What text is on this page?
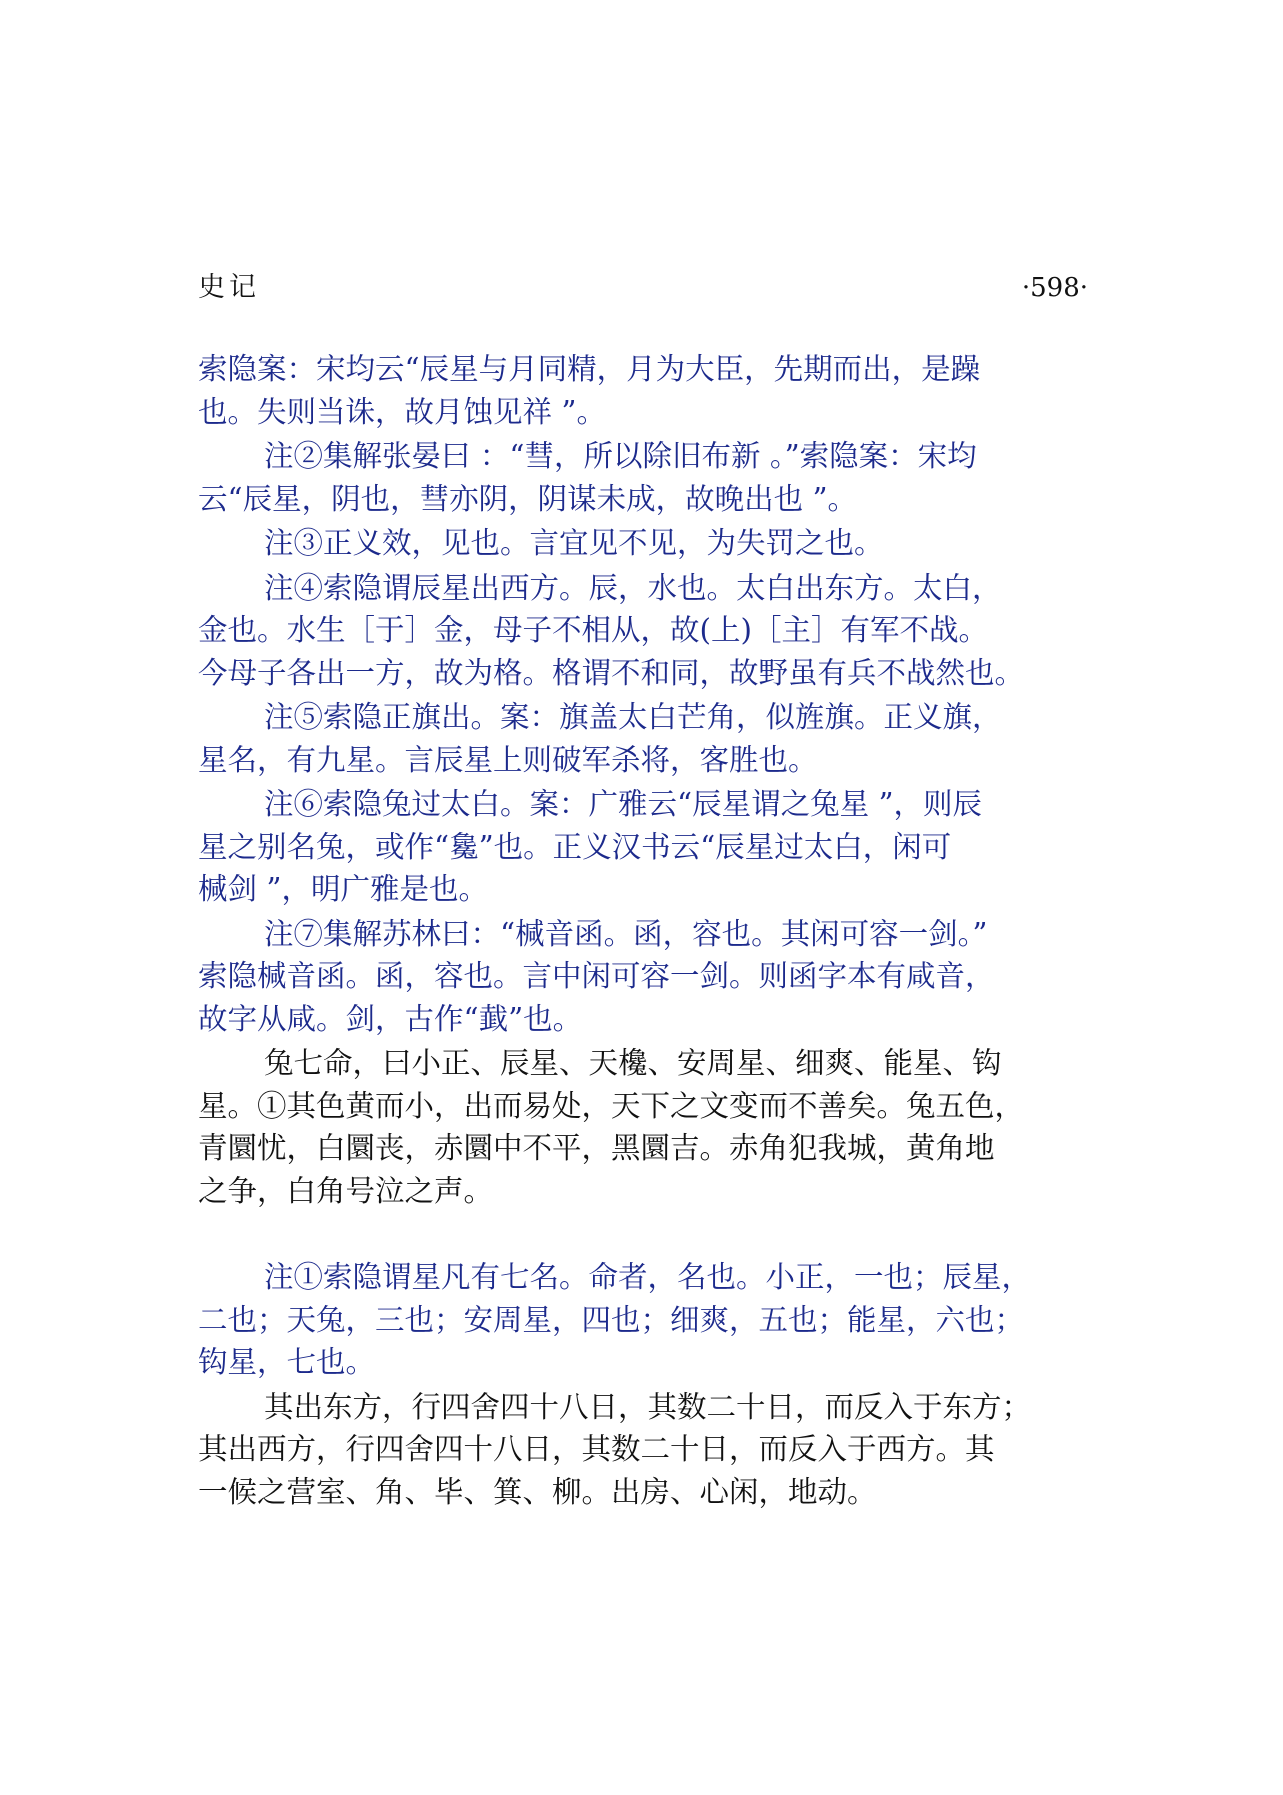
史记	·598·

索隐案：宋均云“辰星与月同精，月为大臣，先期而出，是躁

也。失则当诛，故月蚀见祥 ”。

注②集解张晏曰 ：“彗，所以除旧布新 。”索隐案：宋均

云“辰星，阴也，彗亦阴，阴谋未成，故晚出也 ”。

注③正义效，见也。言宜见不见，为失罚之也。

注④索隐谓辰星出西方。辰，水也。太白出东方。太白，

金也。水生［于］金，母子不相从，故(上)［主］有军不战。

今母子各出一方，故为格。格谓不和同，故野虽有兵不战然也。

注⑤索隐正旗出。案：旗盖太白芒角，似旌旗。正义旗，

星名，有九星。言辰星上则破军杀将，客胜也。

注⑥索隐兔过太白。案：广雅云“辰星谓之兔星 ”，则辰

星之别名兔，或作“毚”也。正义汉书云“辰星过太白，闲可

椷剑 ”，明广雅是也。

注⑦集解苏林曰：“椷音函。函，容也。其闲可容一剑。”

索隐椷音函。函，容也。言中闲可容一剑。则函字本有咸音，

故字从咸。剑，古作“韯”也。

兔七命，曰小正、辰星、天欃、安周星、细爽、能星、钩

星。①其色黄而小，出而易处，天下之文变而不善矣。兔五色，

青圜忧，白圜丧，赤圜中不平，黑圜吉。赤角犯我城，黄角地

之争，白角号泣之声。

注①索隐谓星凡有七名。命者，名也。小正，一也；辰星，

二也；天兔，三也；安周星，四也；细爽，五也；能星，六也；

钩星，七也。

其出东方，行四舍四十八日，其数二十日，而反入于东方；

其出西方，行四舍四十八日，其数二十日，而反入于西方。其

一候之营室、角、毕、箕、柳。出房、心闲，地动。
